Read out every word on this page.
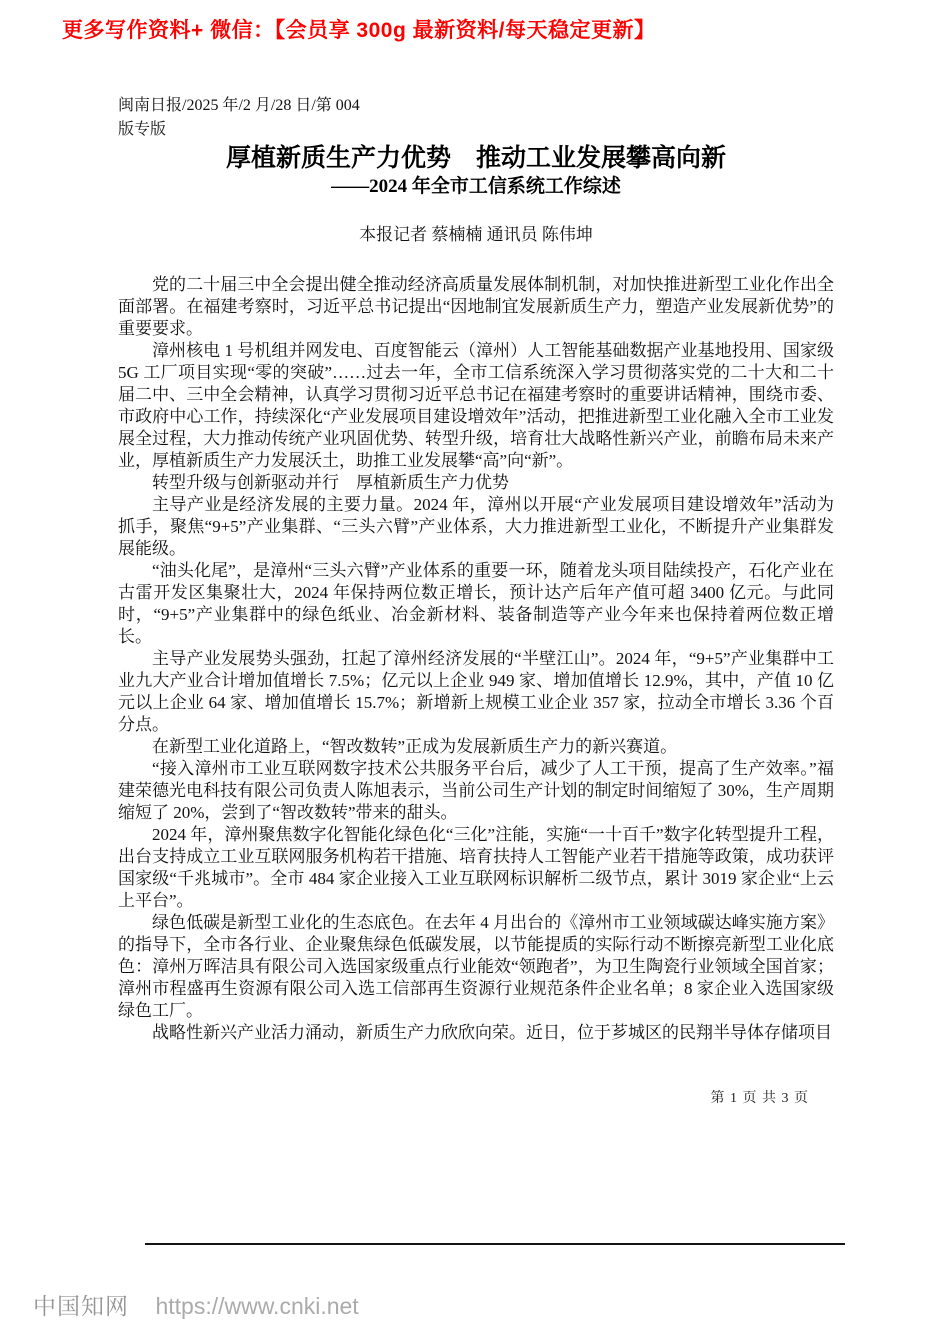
更多写作资料+ 微信：【会员享 300g 最新资料/每天稳定更新】
闽南日报/2025 年/2 月/28 日/第 004
版专版
厚植新质生产力优势　推动工业发展攀高向新
——2024 年全市工信系统工作综述
本报记者 蔡楠楠 通讯员 陈伟坤

党的二十届三中全会提出健全推动经济高质量发展体制机制，对加快推进新型工业化作出全面部署。在福建考察时，习近平总书记提出“因地制宜发展新质生产力，塑造产业发展新优势”的重要要求。

漳州核电 1 号机组并网发电、百度智能云（漳州）人工智能基础数据产业基地投用、国家级 5G 工厂项目实现“零的突破”……过去一年，全市工信系统深入学习贯彻落实党的二十大和二十届二中、三中全会精神，认真学习贯彻习近平总书记在福建考察时的重要讲话精神，围绕市委、市政府中心工作，持续深化“产业发展项目建设增效年”活动，把推进新型工业化融入全市工业发展全过程，大力推动传统产业巩固优势、转型升级，培育壮大战略性新兴产业，前瞻布局未来产业，厚植新质生产力发展沃土，助推工业发展攀“高”向“新”。

转型升级与创新驱动并行　厚植新质生产力优势

主导产业是经济发展的主要力量。2024 年，漳州以开展“产业发展项目建设增效年”活动为抓手，聚焦“9+5”产业集群、“三头六臂”产业体系，大力推进新型工业化，不断提升产业集群发展能级。

“油头化尾”，是漳州“三头六臂”产业体系的重要一环，随着龙头项目陆续投产，石化产业在古雷开发区集聚壮大，2024 年保持两位数正增长，预计达产后年产值可超 3400 亿元。与此同时，“9+5”产业集群中的绿色纸业、冶金新材料、装备制造等产业今年来也保持着两位数正增长。

主导产业发展势头强劲，扛起了漳州经济发展的“半壁江山”。2024 年，“9+5”产业集群中工业九大产业合计增加值增长 7.5%；亿元以上企业 949 家、增加值增长 12.9%，其中，产值 10 亿元以上企业 64 家、增加值增长 15.7%；新增新上规模工业企业 357 家，拉动全市增长 3.36 个百分点。

在新型工业化道路上，“智改数转”正成为发展新质生产力的新兴赛道。

“接入漳州市工业互联网数字技术公共服务平台后，减少了人工干预，提高了生产效率。”福建荣德光电科技有限公司负责人陈旭表示，当前公司生产计划的制定时间缩短了 30%，生产周期缩短了 20%，尝到了“智改数转”带来的甜头。

2024 年，漳州聚焦数字化智能化绿色化“三化”注能，实施“一十百千”数字化转型提升工程，出台支持成立工业互联网服务机构若干措施、培育扶持人工智能产业若干措施等政策，成功获评国家级“千兆城市”。全市 484 家企业接入工业互联网标识解析二级节点，累计 3019 家企业“上云上平台”。

绿色低碳是新型工业化的生态底色。在去年 4 月出台的《漳州市工业领域碳达峰实施方案》的指导下，全市各行业、企业聚焦绿色低碳发展，以节能提质的实际行动不断擦亮新型工业化底色：漳州万晖洁具有限公司入选国家级重点行业能效“领跑者”，为卫生陶瓷行业领域全国首家；漳州市程盛再生资源有限公司入选工信部再生资源行业规范条件企业名单；8 家企业入选国家级绿色工厂。

战略性新兴产业活力涌动，新质生产力欣欣向荣。近日，位于芗城区的民翔半导体存储项目

第 1 页 共 3 页
中国知网 https://www.cnki.net
